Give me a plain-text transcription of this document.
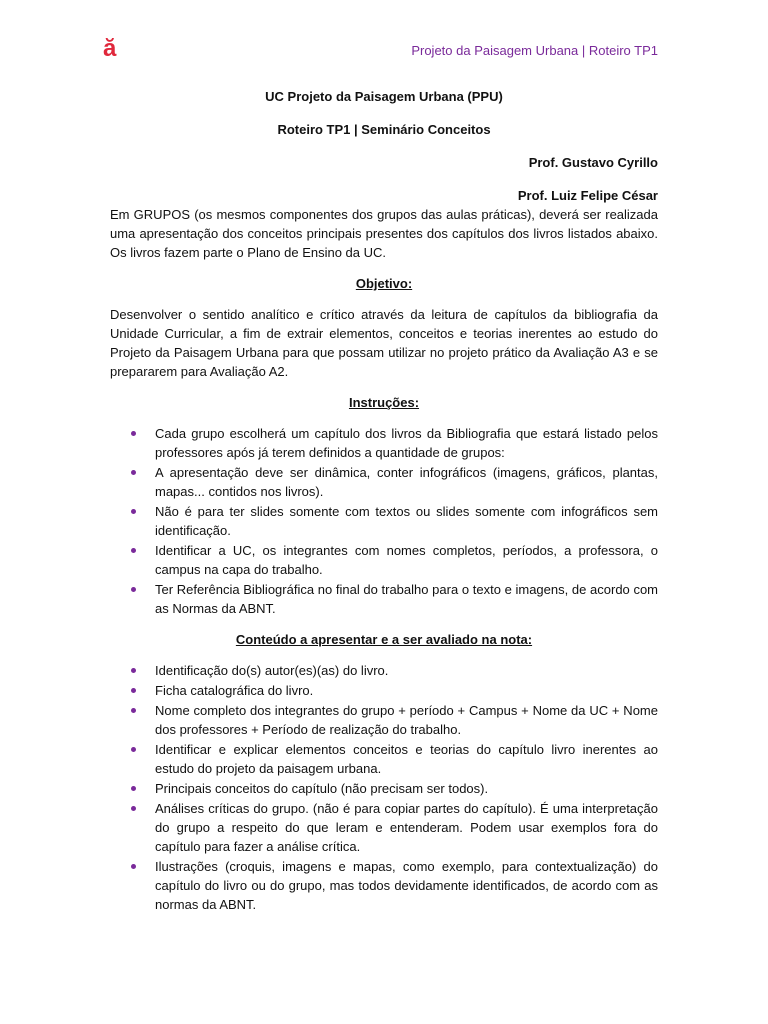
ă	Projeto da Paisagem Urbana | Roteiro TP1

UC Projeto da Paisagem Urbana (PPU)

Roteiro TP1 | Seminário Conceitos

Prof. Gustavo Cyrillo

Prof. Luiz Felipe César

Em GRUPOS (os mesmos componentes dos grupos das aulas práticas), deverá ser realizada uma apresentação dos conceitos principais presentes dos capítulos dos livros listados abaixo. Os livros fazem parte o Plano de Ensino da UC.

Objetivo:

Desenvolver o sentido analítico e crítico através da leitura de capítulos da bibliografia da Unidade Curricular, a fim de extrair elementos, conceitos e teorias inerentes ao estudo do Projeto da Paisagem Urbana para que possam utilizar no projeto prático da Avaliação A3 e se prepararem para Avaliação A2.

Instruções:
Cada grupo escolherá um capítulo dos livros da Bibliografia que estará listado pelos professores após já terem definidos a quantidade de grupos:
A apresentação deve ser dinâmica, conter infográficos (imagens, gráficos, plantas, mapas... contidos nos livros).
Não é para ter slides somente com textos ou slides somente com infográficos sem identificação.
Identificar a UC, os integrantes com nomes completos, períodos, a professora, o campus na capa do trabalho.
Ter Referência Bibliográfica no final do trabalho para o texto e imagens, de acordo com as Normas da ABNT.
Conteúdo a apresentar e a ser avaliado na nota:
Identificação do(s) autor(es)(as) do livro.
Ficha catalográfica do livro.
Nome completo dos integrantes do grupo + período + Campus + Nome da UC + Nome dos professores + Período de realização do trabalho.
Identificar e explicar elementos conceitos e teorias do capítulo livro inerentes ao estudo do projeto da paisagem urbana.
Principais conceitos do capítulo (não precisam ser todos).
Análises críticas do grupo. (não é para copiar partes do capítulo). É uma interpretação do grupo a respeito do que leram e entenderam. Podem usar exemplos fora do capítulo para fazer a análise crítica.
Ilustrações (croquis, imagens e mapas, como exemplo, para contextualização) do capítulo do livro ou do grupo, mas todos devidamente identificados, de acordo com as normas da ABNT.
